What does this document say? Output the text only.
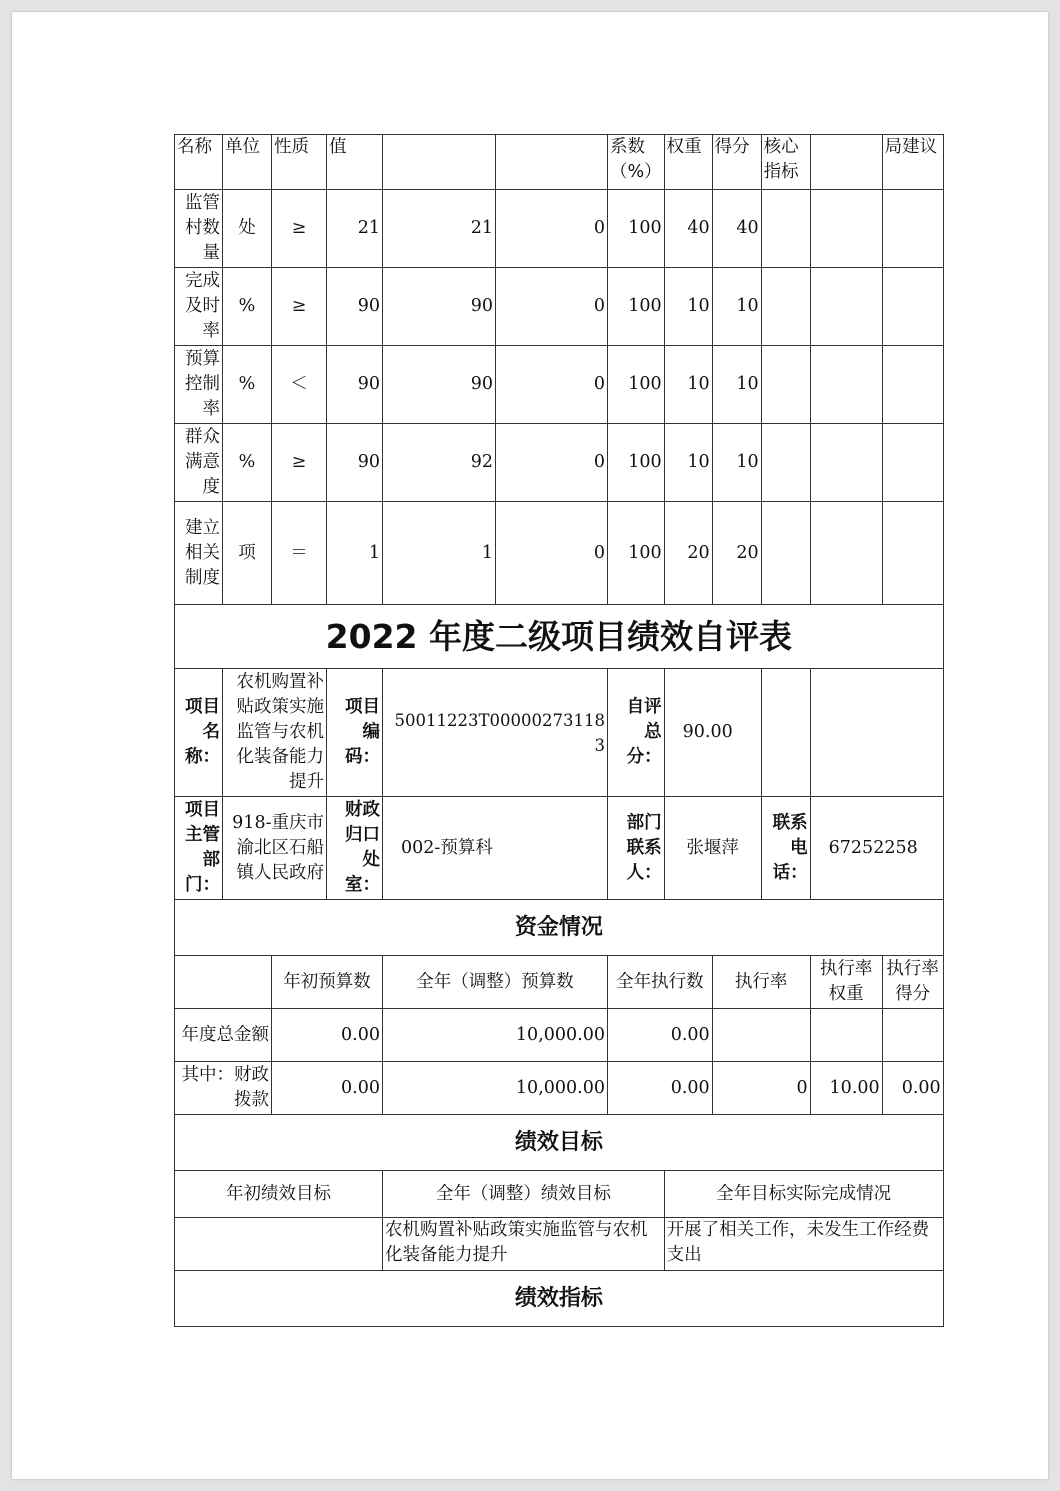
名称	单位	性质	值			系数（%）	权重	得分	核心指标		局建议
监管村数量	处	≥	21	21	0	100	40	40			
完成及时率	%	≥	90	90	0	100	10	10			
预算控制率	%	＜	90	90	0	100	10	10			
群众满意度	%	≥	90	92	0	100	10	10			
建立相关制度	项	＝	1	1	0	100	20	20			
2022 年度二级项目绩效自评表											
项目名称：	农机购置补贴政策实施监管与农机化装备能力提升		项目编码：	50011223T000002731183		自评总分：	90.00				
项目主管部门：	918-重庆市渝北区石船镇人民政府		财政归口处室：	002-预算科		部门联系人：	张堰萍		联系电话：	67252258	
资金情况											
		年初预算数		全年（调整）预算数		全年执行数		执行率		执行率权重	执行率得分
年度总金额		0.00		10,000.00		0.00					
其中：财政拨款		0.00		10,000.00		0.00		0		10.00	0.00
绩效目标											
年初绩效目标				全年（调整）绩效目标			全年目标实际完成情况				
				农机购置补贴政策实施监管与农机化装备能力提升			开展了相关工作，未发生工作经费支出				
绩效指标											
